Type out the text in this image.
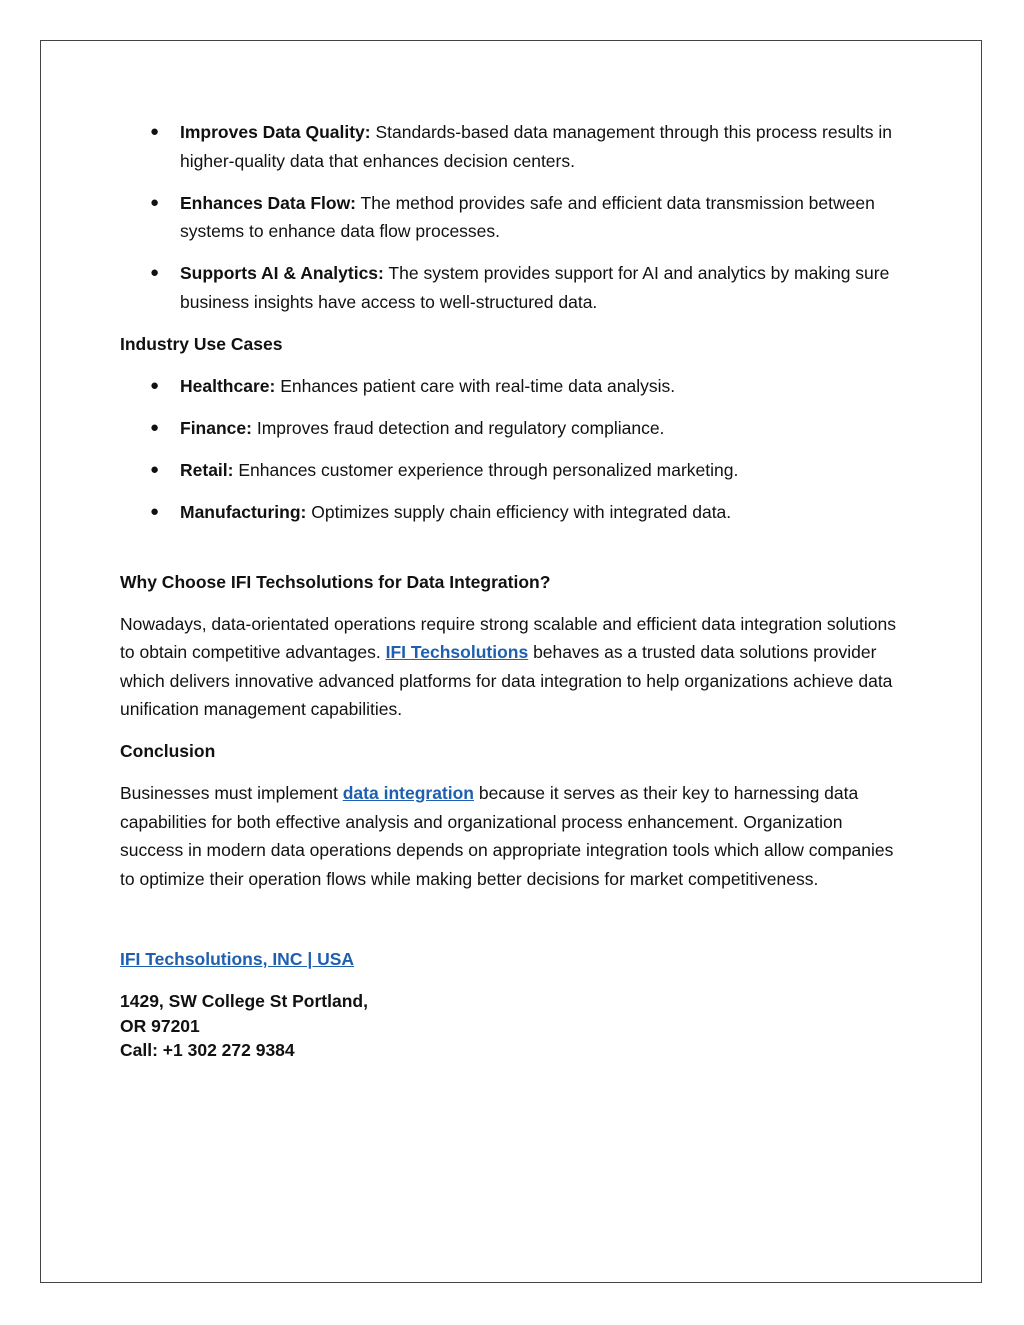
● Improves Data Quality: Standards-based data management through this process results in higher-quality data that enhances decision centers.
● Enhances Data Flow: The method provides safe and efficient data transmission between systems to enhance data flow processes.
● Supports AI & Analytics: The system provides support for AI and analytics by making sure business insights have access to well-structured data.
Industry Use Cases
● Healthcare: Enhances patient care with real-time data analysis.
● Finance: Improves fraud detection and regulatory compliance.
● Retail: Enhances customer experience through personalized marketing.
● Manufacturing: Optimizes supply chain efficiency with integrated data.
Why Choose IFI Techsolutions for Data Integration?

Nowadays, data-orientated operations require strong scalable and efficient data integration solutions to obtain competitive advantages. IFI Techsolutions behaves as a trusted data solutions provider which delivers innovative advanced platforms for data integration to help organizations achieve data unification management capabilities.

Conclusion

Businesses must implement data integration because it serves as their key to harnessing data capabilities for both effective analysis and organizational process enhancement. Organization success in modern data operations depends on appropriate integration tools which allow companies to optimize their operation flows while making better decisions for market competitiveness.

IFI Techsolutions, INC | USA
1429, SW College St Portland,
OR 97201
Call: +1 302 272 9384
